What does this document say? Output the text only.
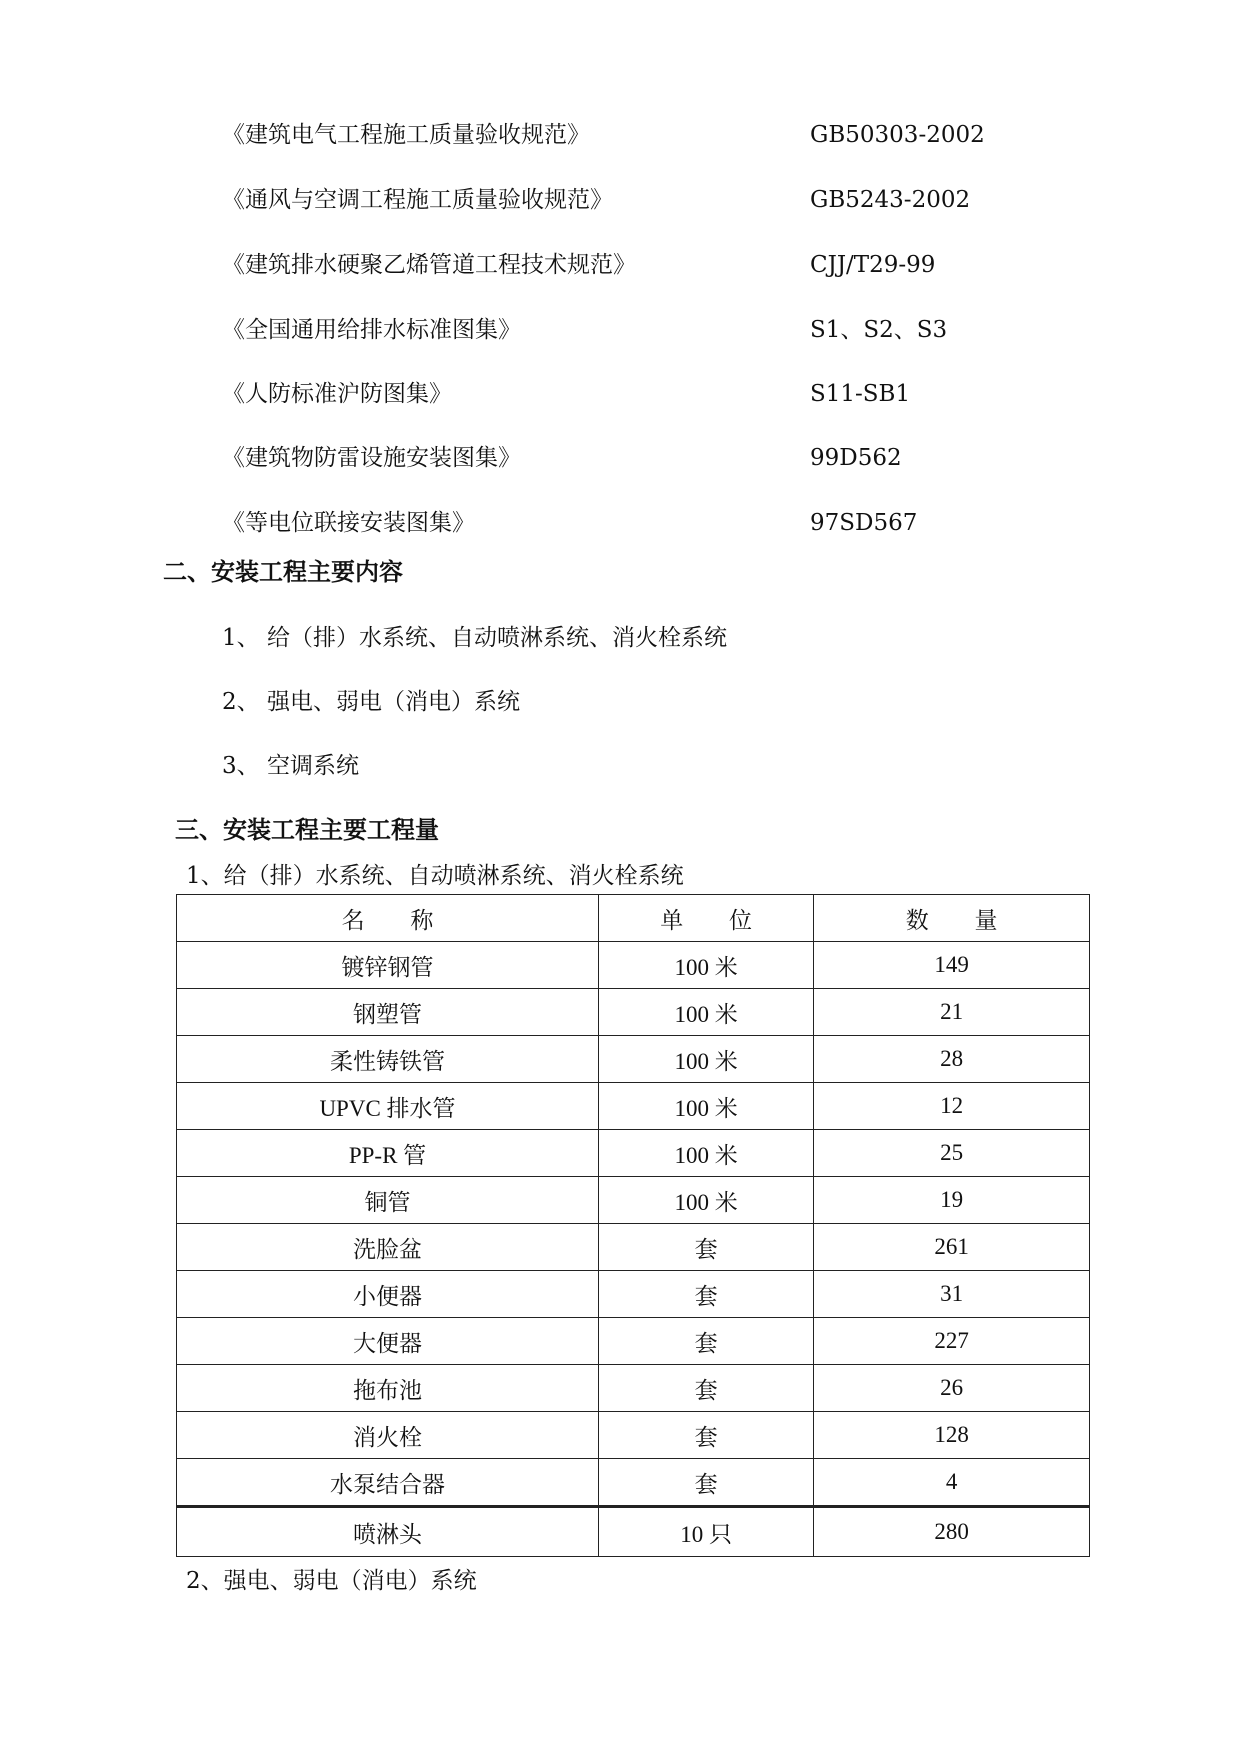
《建筑电气工程施工质量验收规范》	GB50303-2002
《通风与空调工程施工质量验收规范》	GB5243-2002
《建筑排水硬聚乙烯管道工程技术规范》	CJJ/T29-99
《全国通用给排水标准图集》	S1、S2、S3
《人防标准沪防图集》	S11-SB1
《建筑物防雷设施安装图集》	99D562
《等电位联接安装图集》	97SD567
二、安装工程主要内容
1、 给（排）水系统、自动喷淋系统、消火栓系统
2、 强电、弱电（消电）系统
3、 空调系统
三、安装工程主要工程量
1、给（排）水系统、自动喷淋系统、消火栓系统
名 称	单 位	数 量
镀锌钢管	100 米	149
钢塑管	100 米	21
柔性铸铁管	100 米	28
UPVC 排水管	100 米	12
PP-R 管	100 米	25
铜管	100 米	19
洗脸盆	套	261
小便器	套	31
大便器	套	227
拖布池	套	26
消火栓	套	128
水泵结合器	套	4
喷淋头	10 只	280
2、强电、弱电（消电）系统
